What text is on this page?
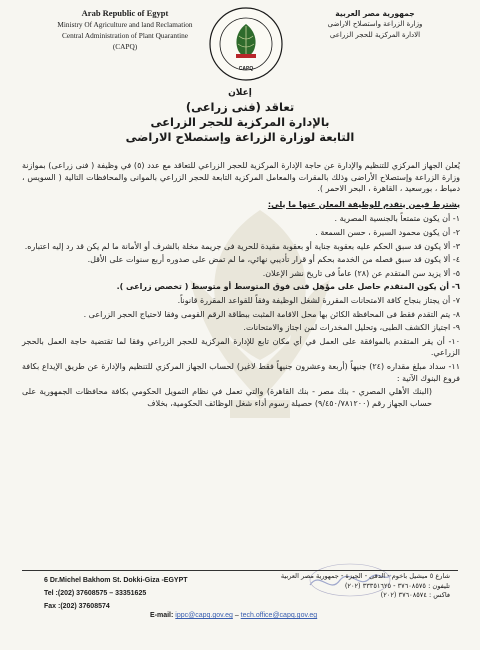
Arab Republic of Egypt
Ministry Of Agriculture and land Reclamation
Central Administration of Plant Quarantine
(CAPQ)
CAPQ
جمهورية مصر العربية
وزارة الزراعة واستصلاح الاراضى
الادارة المركزية للحجر الزراعى
إعلان
تعاقد (فنى زراعى)
بالإدارة المركزية للحجر الزراعى
التابعة لوزارة الزراعة وإستصلاح الاراضى

يُعلن الجهاز المركزي للتنظيم والإدارة عن حاجة الإدارة المركزية للحجر الزراعي للتعاقد مع عدد (٥) في وظيفة ( فنى زراعى) بموازنة وزارة الزراعة وإستصلاح الأراضى وذلك بالمقرات والمعامل المركزية التابعة للحجر الزراعي بالموانى والمحافظات التالية ( السويس ، دمياط ، بورسعيد ، القاهرة ، البحر الاحمر ).

يشترط فيمن يتقدم للوظيفة المعلن عنها ما يلى:

١- أن يكون متمتعاً بالجنسية المصرية .

٢- أن يكون محمود السيرة ، حسن السمعة .

٣- ألا يكون قد سبق الحكم عليه بعقوبة جناية أو بعقوبة مقيدة للحرية فى جريمة مخلة بالشرف أو الأمانة ما لم يكن قد رد إليه اعتباره.

٤- ألا يكون قد سبق فصله من الخدمة بحكم أو قرار تأديبي نهائي، ما لم تمض على صدوره أربع سنوات على الأقل.

٥- ألا يزيد سن المتقدم عن (٢٨) عاماً فى تاريخ نشر الإعلان.

٦- أن يكون المتقدم حاصل على مؤهل فنى فوق المتوسط أو متوسط ( تخصص زراعى ).

٧- أن يجتاز بنجاح كافة الامتحانات المقررة لشغل الوظيفة وفقاً للقواعد المقررة قانوناً.

٨- يتم التقدم فقط فى المحافظة الكائن بها محل الاقامة المثبت ببطاقة الرقم القومى وفقا لاحتياج الحجر الزراعى .

٩- اجتياز الكشف الطبى، وتحليل المخدرات لمن اجتاز والامتحانات.

١٠- أن يقر المتقدم بالموافقة على العمل في أي مكان تابع للإدارة المركزية للحجر الزراعي وفقا لما تقتضية حاجة العمل بالحجر الزراعي.

١١- سداد مبلغ مقداره (٢٤) جنيهاً (أربعة وعشرون جنيهاً فقط لاغير) لحساب الجهاز المركزي للتنظيم والإدارة عن طريق الإيداع بكافة فروع البنوك الآتية :

(البنك الأهلي المصري - بنك مصر - بنك القاهرة) والتي تعمل في نظام التمويل الحكومي بكافة محافظات الجمهورية على حساب الجهاز رقم (٩/٤٥٠/٧٨١٢٠٠) حصيلة رسوم أداء شغل الوظائف الحكومية، بخلاف

6 Dr.Michel Bakhom St. Dokki-Giza -EGYPT
Tel :(202) 37608575 – 33351625
Fax :(202) 37608574
شارع ٥ ميشيل باخوم - الدقى - الجيزة - جمهورية مصر العربية
تليفون : ٣٧٦٠٨٥٧٥ - ٣٣٣٥١٦٢٥ (٢٠٢)
فاكس : ٣٧٦٠٨٥٧٤ (٢٠٢)
E-mail: ippc@capq.gov.eg – tech.office@capq.gov.eg
